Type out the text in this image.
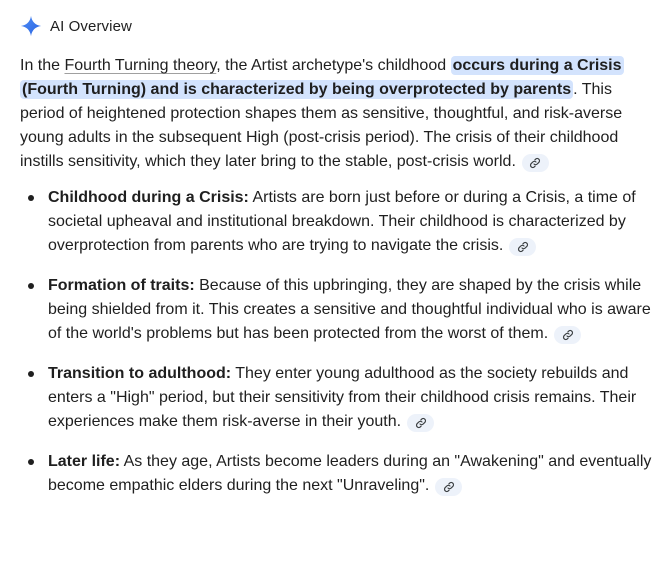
AI Overview

In the Fourth Turning theory, the Artist archetype's childhood occurs during a Crisis (Fourth Turning) and is characterized by being overprotected by parents . This period of heightened protection shapes them as sensitive, thoughtful, and risk-averse young adults in the subsequent High (post-crisis period). The crisis of their childhood instills sensitivity, which they later bring to the stable, post-crisis world.

Childhood during a Crisis: Artists are born just before or during a Crisis, a time of societal upheaval and institutional breakdown. Their childhood is characterized by overprotection from parents who are trying to navigate the crisis.
Formation of traits: Because of this upbringing, they are shaped by the crisis while being shielded from it. This creates a sensitive and thoughtful individual who is aware of the world's problems but has been protected from the worst of them.
Transition to adulthood: They enter young adulthood as the society rebuilds and enters a "High" period, but their sensitivity from their childhood crisis remains. Their experiences make them risk-averse in their youth.
Later life: As they age, Artists become leaders during an "Awakening" and eventually become empathic elders during the next "Unraveling".
